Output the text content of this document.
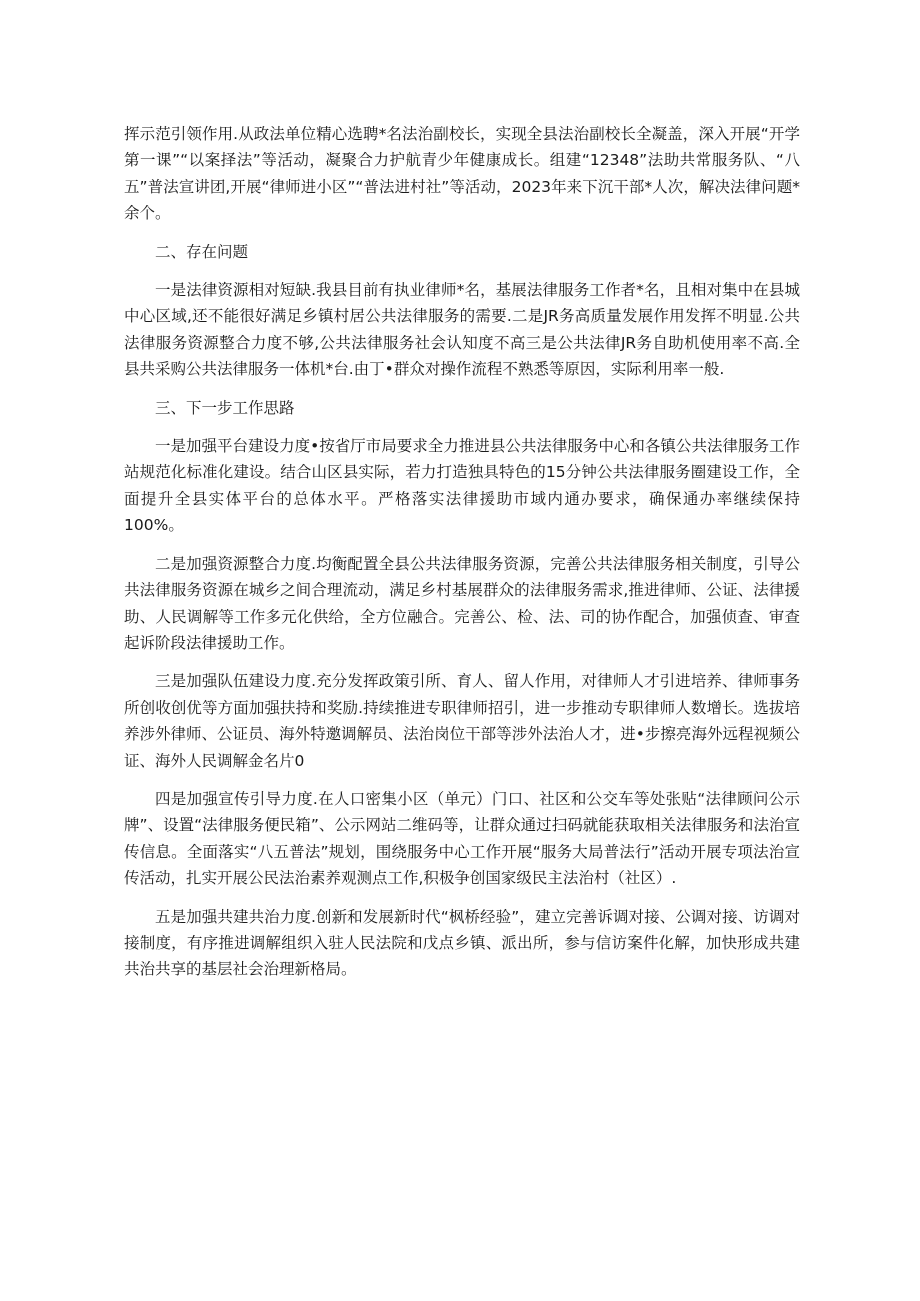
挥示范引领作用.从政法单位精心选聘*名法治副校长，实现全县法治副校长全凝盖，深入开展“开学第一课”“以案择法”等活动，凝聚合力护航青少年健康成长。组建“12348”法助共常服务队、“八五”普法宣讲团,开展“律师进小区”“普法进村社”等活动，2023年来下沉干部*人次，解决法律问题*余个。

二、存在问题

一是法律资源相对短缺.我县目前有执业律师*名，基展法律服务工作者*名，且相对集中在县城中心区域,还不能很好满足乡镇村居公共法律服务的需要.二是JR务高质量发展作用发挥不明显.公共法律服务资源整合力度不够,公共法律服务社会认知度不高三是公共法律JR务自助机使用率不高.全县共采购公共法律服务一体机*台.由丁•群众对操作流程不熟悉等原因，实际利用率一般.

三、下一步工作思路

一是加强平台建设力度•按省厅市局要求全力推进县公共法律服务中心和各镇公共法律服务工作站规范化标准化建设。结合山区县实际，若力打造独具特色的15分钟公共法律服务圈建设工作，全面提升全县实体平台的总体水平。严格落实法律援助市域内通办要求，确保通办率继续保持100%。

二是加强资源整合力度.均衡配置全县公共法律服务资源，完善公共法律服务相关制度，引导公共法律服务资源在城乡之间合理流动，满足乡村基展群众的法律服务需求,推进律师、公证、法律援助、人民调解等工作多元化供给，全方位融合。完善公、检、法、司的协作配合，加强侦查、审查起诉阶段法律援助工作。

三是加强队伍建设力度.充分发挥政策引所、育人、留人作用，对律师人才引进培养、律师事务所创收创优等方面加强扶持和奖励.持续推进专职律师招引，进一步推动专职律师人数增长。选拔培养涉外律师、公证员、海外特邀调解员、法治岗位干部等涉外法治人才，进•步擦亮海外远程视频公证、海外人民调解金名片0

四是加强宣传引导力度.在人口密集小区（单元）门口、社区和公交车等处张贴“法律顾问公示牌”、设置“法律服务便民箱”、公示网站二维码等，让群众通过扫码就能获取相关法律服务和法治宣传信息。全面落实“八五普法”规划，围绕服务中心工作开展“服务大局普法行”活动开展专项法治宣传活动，扎实开展公民法治素养观测点工作,积极争创国家级民主法治村（社区）.

五是加强共建共治力度.创新和发展新时代“枫桥经验”，建立完善诉调对接、公调对接、访调对接制度，有序推进调解组织入驻人民法院和戊点乡镇、派出所，参与信访案件化解，加快形成共建共治共享的基层社会治理新格局。
